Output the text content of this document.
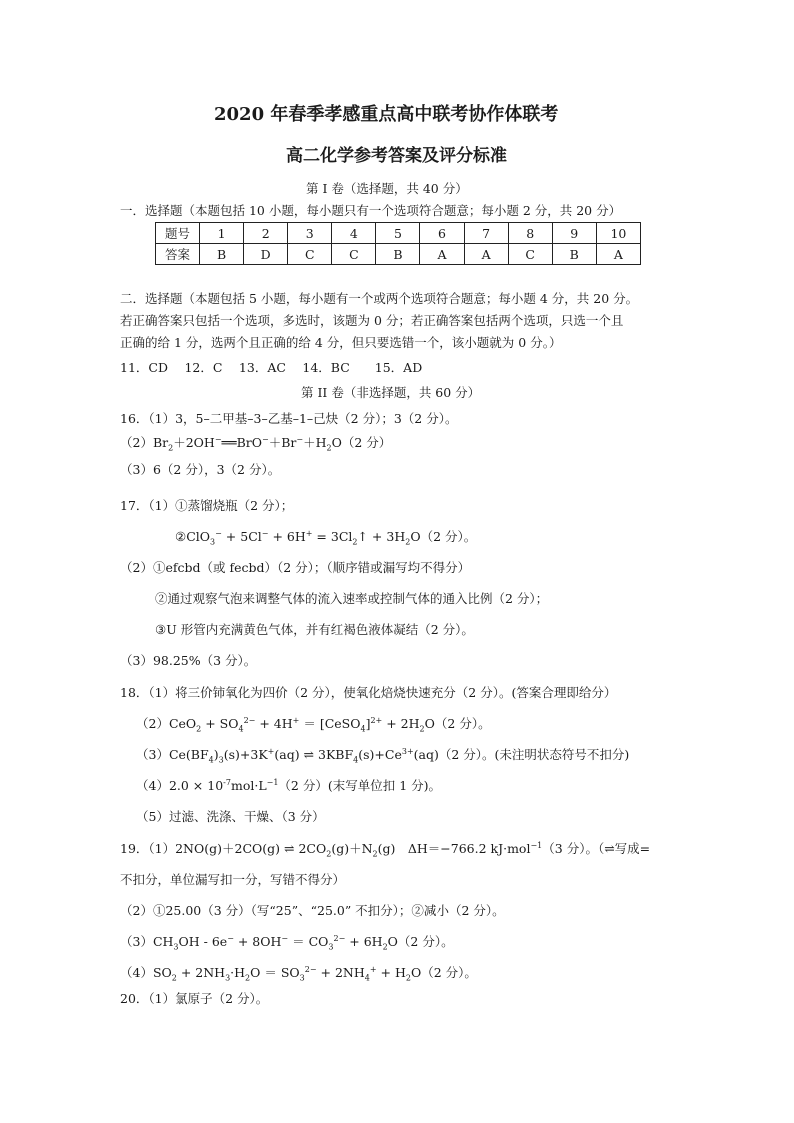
2020 年春季孝感重点高中联考协作体联考
高二化学参考答案及评分标准
第 I 卷（选择题，共 40 分）
一．选择题（本题包括 10 小题，每小题只有一个选项符合题意；每小题 2 分，共 20 分）
题号	1	2	3	4	5	6	7	8	9	10
答案	B	D	C	C	B	A	A	C	B	A
二．选择题（本题包括 5 小题，每小题有一个或两个选项符合题意；每小题 4 分，共 20 分。
若正确答案只包括一个选项，多选时，该题为 0 分；若正确答案包括两个选项，只选一个且
正确的给 1 分，选两个且正确的给 4 分，但只要选错一个，该小题就为 0 分。）
11．CD　 12．C　 13．AC　 14．BC　　15．AD
第 II 卷（非选择题，共 60 分）
16．（1）3，5–二甲基–3–乙基–1–己炔（2 分）；3（2 分）。
$(2)Br_2+2OH^-══BrO^-+Br^-+H_2O(2$ 分）
（3）6（2 分），3（2 分）。
17．（1）①蒸馏烧瓶（2 分）；
②ClO$_3$− + $5Cl^- + 6H^+ = 3Cl_2↑ + 3H_2O(2$ 分）。
（2）①efcbd（或 fecbd）（2 分）；（顺序错或漏写均不得分）
②通过观察气泡来调整气体的流入速率或控制气体的通入比例（2 分）；
③U 形管内充满黄色气体，并有红褐色液体凝结（2 分）。
（3）98.25%（3 分）。
18．（1）将三价铈氧化为四价（2 分），使氧化焙烧快速充分（2 分）。(答案合理即给分）
$(2)CeO_2 + SO_4^{2-} + 4H^+$ ＝ [CeSO$_4$]$^{2+}$ + $2H_2O(2$ 分）。
$(3)Ce(BF_4)_3(s)+3K^+(aq)$ ⇌ $3KBF_4(s)+Ce^{3+}(aq)(2$ 分）。(未注明状态符号不扣分)
$(4)2.0 \times 10^{-7}mol\cdot L^{-1}(2$ 分）(末写单位扣 1 分)。
（5）过滤、洗涤、干燥、（3 分）
19．（1）2NO(g)＋2CO(g) ⇌ $2CO_2(g)+N_2(g)$　ΔH＝−766.2 kJ·mol$^{-1}$（3 分）。（⇌写成=
不扣分，单位漏写扣一分，写错不得分）
（2）①25.00（3 分）（写“25”、“25.0” 不扣分）；②减小（2 分）。
$(3)CH_3OH - 6e^- + 8OH^- = CO_3^{2-} + 6H_2O(2$ 分）。
$(4)SO_2 + 2NH_3\cdot H_2O = SO_3^{2-} + 2NH_4^+ + H_2O(2$ 分）。
20．（1）氯原子（2 分）。
